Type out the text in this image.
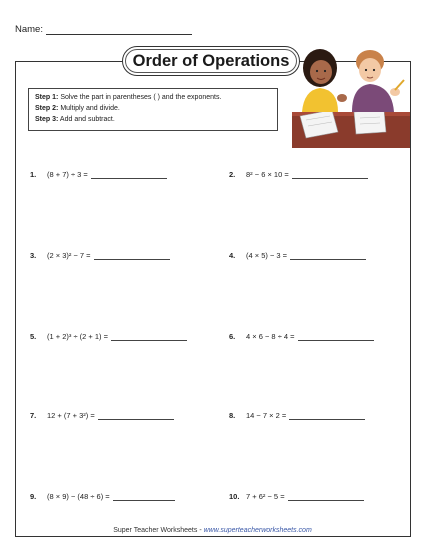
Name:
Order of Operations
Step 1: Solve the part in parentheses ( ) and the exponents.
Step 2: Multiply and divide.
Step 3: Add and subtract.
1.	(8 + 7) ÷ 3 =	2.	8² − 6 × 10 =
3.	(2 × 3)² − 7 =	4.	(4 × 5) − 3 =
5.	(1 + 2)³ ÷ (2 + 1) =	6.	4 × 6 − 8 ÷ 4 =
7.	12 + (7 + 3²) =	8.	14 − 7 × 2 =
9.	(8 × 9) − (48 ÷ 6) =	10. 7 + 6² − 5 =
Super Teacher Worksheets - www.superteacherworksheets.com
